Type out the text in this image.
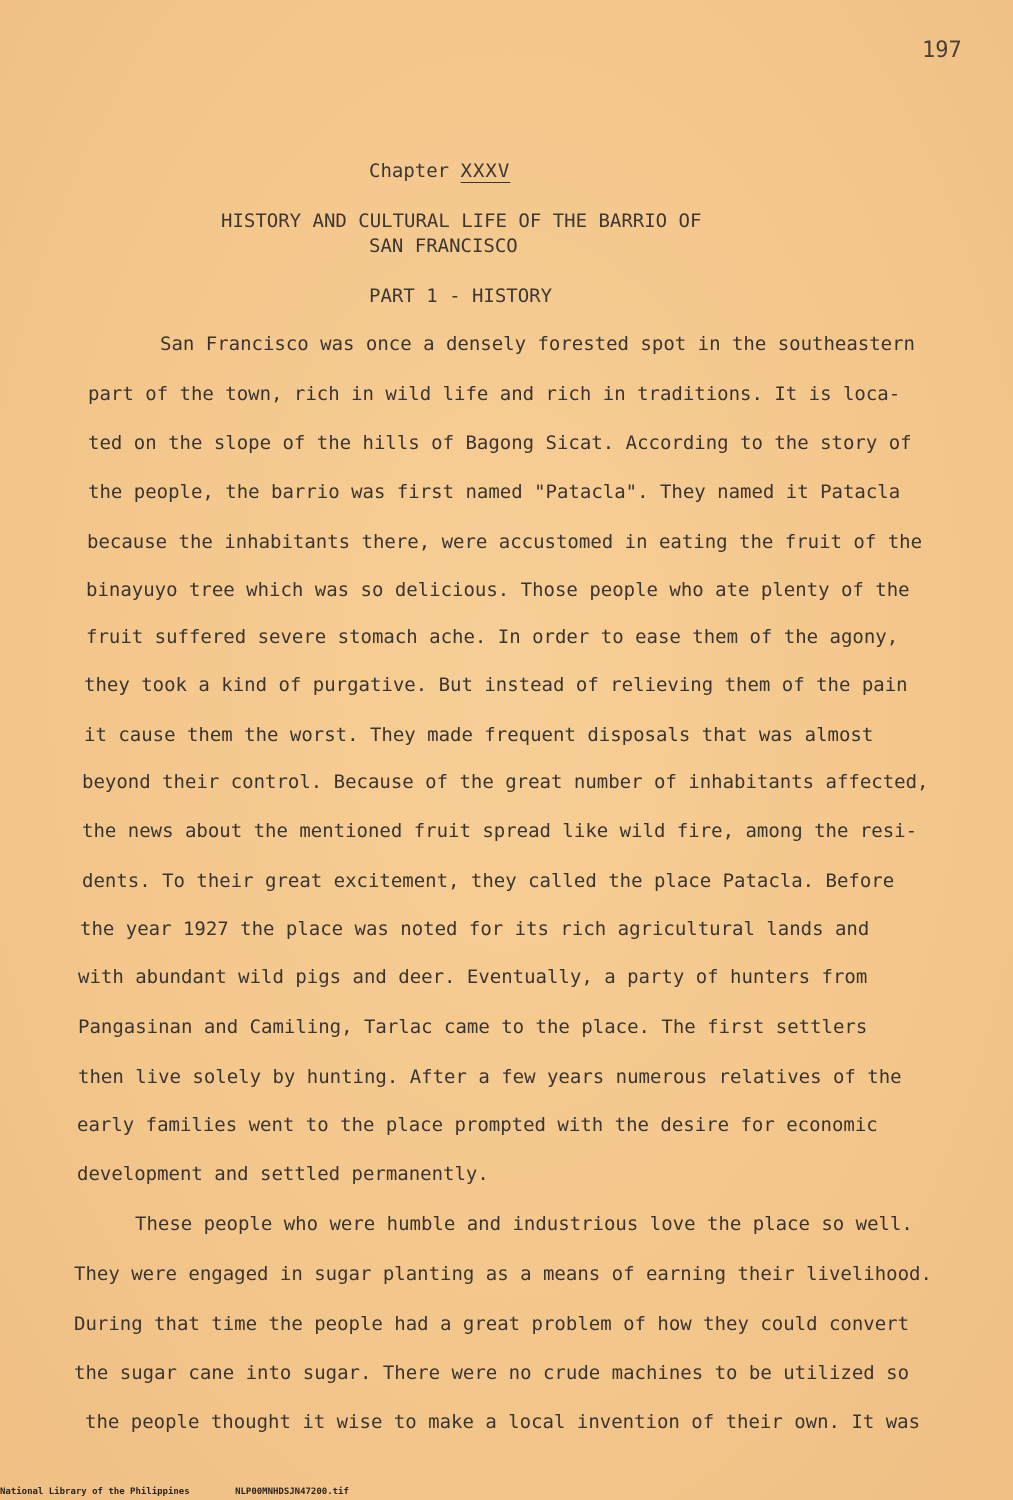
197
Chapter XXXV
HISTORY AND CULTURAL LIFE OF THE BARRIO OF
SAN FRANCISCO
PART 1 - HISTORY
San Francisco was once a densely forested spot in the southeastern
part of the town, rich in wild life and rich in traditions. It is loca-
ted on the slope of the hills of Bagong Sicat. According to the story of
the people, the barrio was first named "Patacla". They named it Patacla
because the inhabitants there, were accustomed in eating the fruit of the
binayuyo tree which was so delicious. Those people who ate plenty of the
fruit suffered severe stomach ache. In order to ease them of the agony,
they took a kind of purgative. But instead of relieving them of the pain
it cause them the worst. They made frequent disposals that was almost
beyond their control. Because of the great number of inhabitants affected,
the news about the mentioned fruit spread like wild fire, among the resi-
dents. To their great excitement, they called the place Patacla. Before
the year 1927 the place was noted for its rich agricultural lands and
with abundant wild pigs and deer. Eventually, a party of hunters from
Pangasinan and Camiling, Tarlac came to the place. The first settlers
then live solely by hunting. After a few years numerous relatives of the
early families went to the place prompted with the desire for economic
development and settled permanently.
These people who were humble and industrious love the place so well.
They were engaged in sugar planting as a means of earning their livelihood.
During that time the people had a great problem of how they could convert
the sugar cane into sugar. There were no crude machines to be utilized so
the people thought it wise to make a local invention of their own. It was
National Library of the Philippines	NLP00MNHDSJN47200.tif
